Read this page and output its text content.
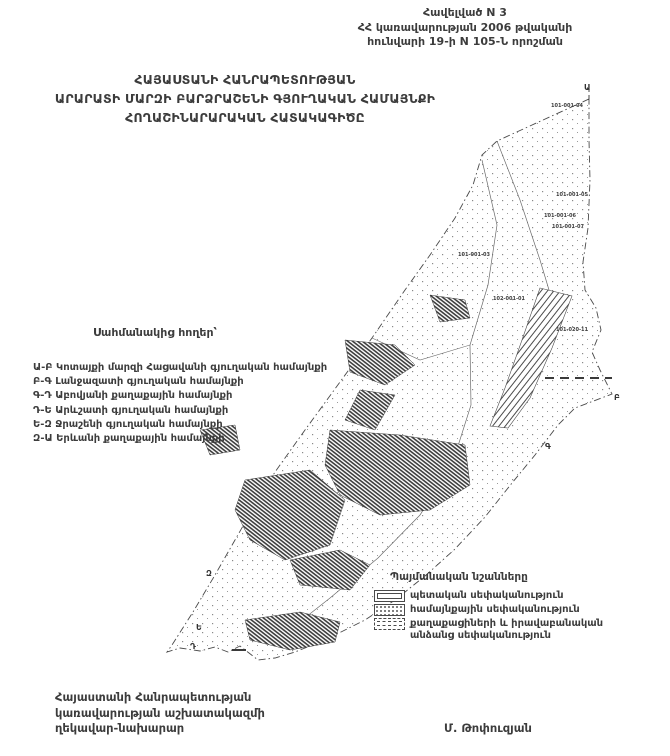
Ա
Բ
Գ
Զ
Ե
Դ
101-001-04
101-001-05
101-001-06
101-001-07
101-001-03
102-001-01
101-020-11
Հավելված N 3
ՀՀ կառավարության 2006 թվականի
հունվարի 19-ի N 105-Ն որոշման
ՀԱՅԱՍՏԱՆԻ ՀԱՆՐԱՊԵՏՈՒԹՅԱՆ
ԱՐԱՐԱՏԻ ՄԱՐԶԻ ԲԱՐՁՐԱՇԵՆԻ ԳՅՈՒՂԱԿԱՆ ՀԱՄԱՅՆՔԻ
ՀՈՂԱՇԻՆԱՐԱՐԱԿԱՆ ՀԱՏԱԿԱԳԻԾԸ
Սահմանակից հողեր՝
Ա-Բ Կոտայքի մարզի Հացավանի գյուղական համայնքի
Բ-Գ Լանջազատի գյուղական համայնքի
Գ-Դ Աբովյանի քաղաքային համայնքի
Դ-Ե Արևշատի գյուղական համայնքի
Ե-Զ Ջրաշենի գյուղական համայնքի
Զ-Ա Երևանի քաղաքային համայնքի
Պայմանական նշանները
պետական սեփականություն
համայնքային սեփականություն
քաղաքացիների և իրավաբանական անձանց սեփականություն
Հայաստանի Հանրապետության
կառավարության աշխատակազմի
ղեկավար-նախարար	Մ. Թոփուզյան
